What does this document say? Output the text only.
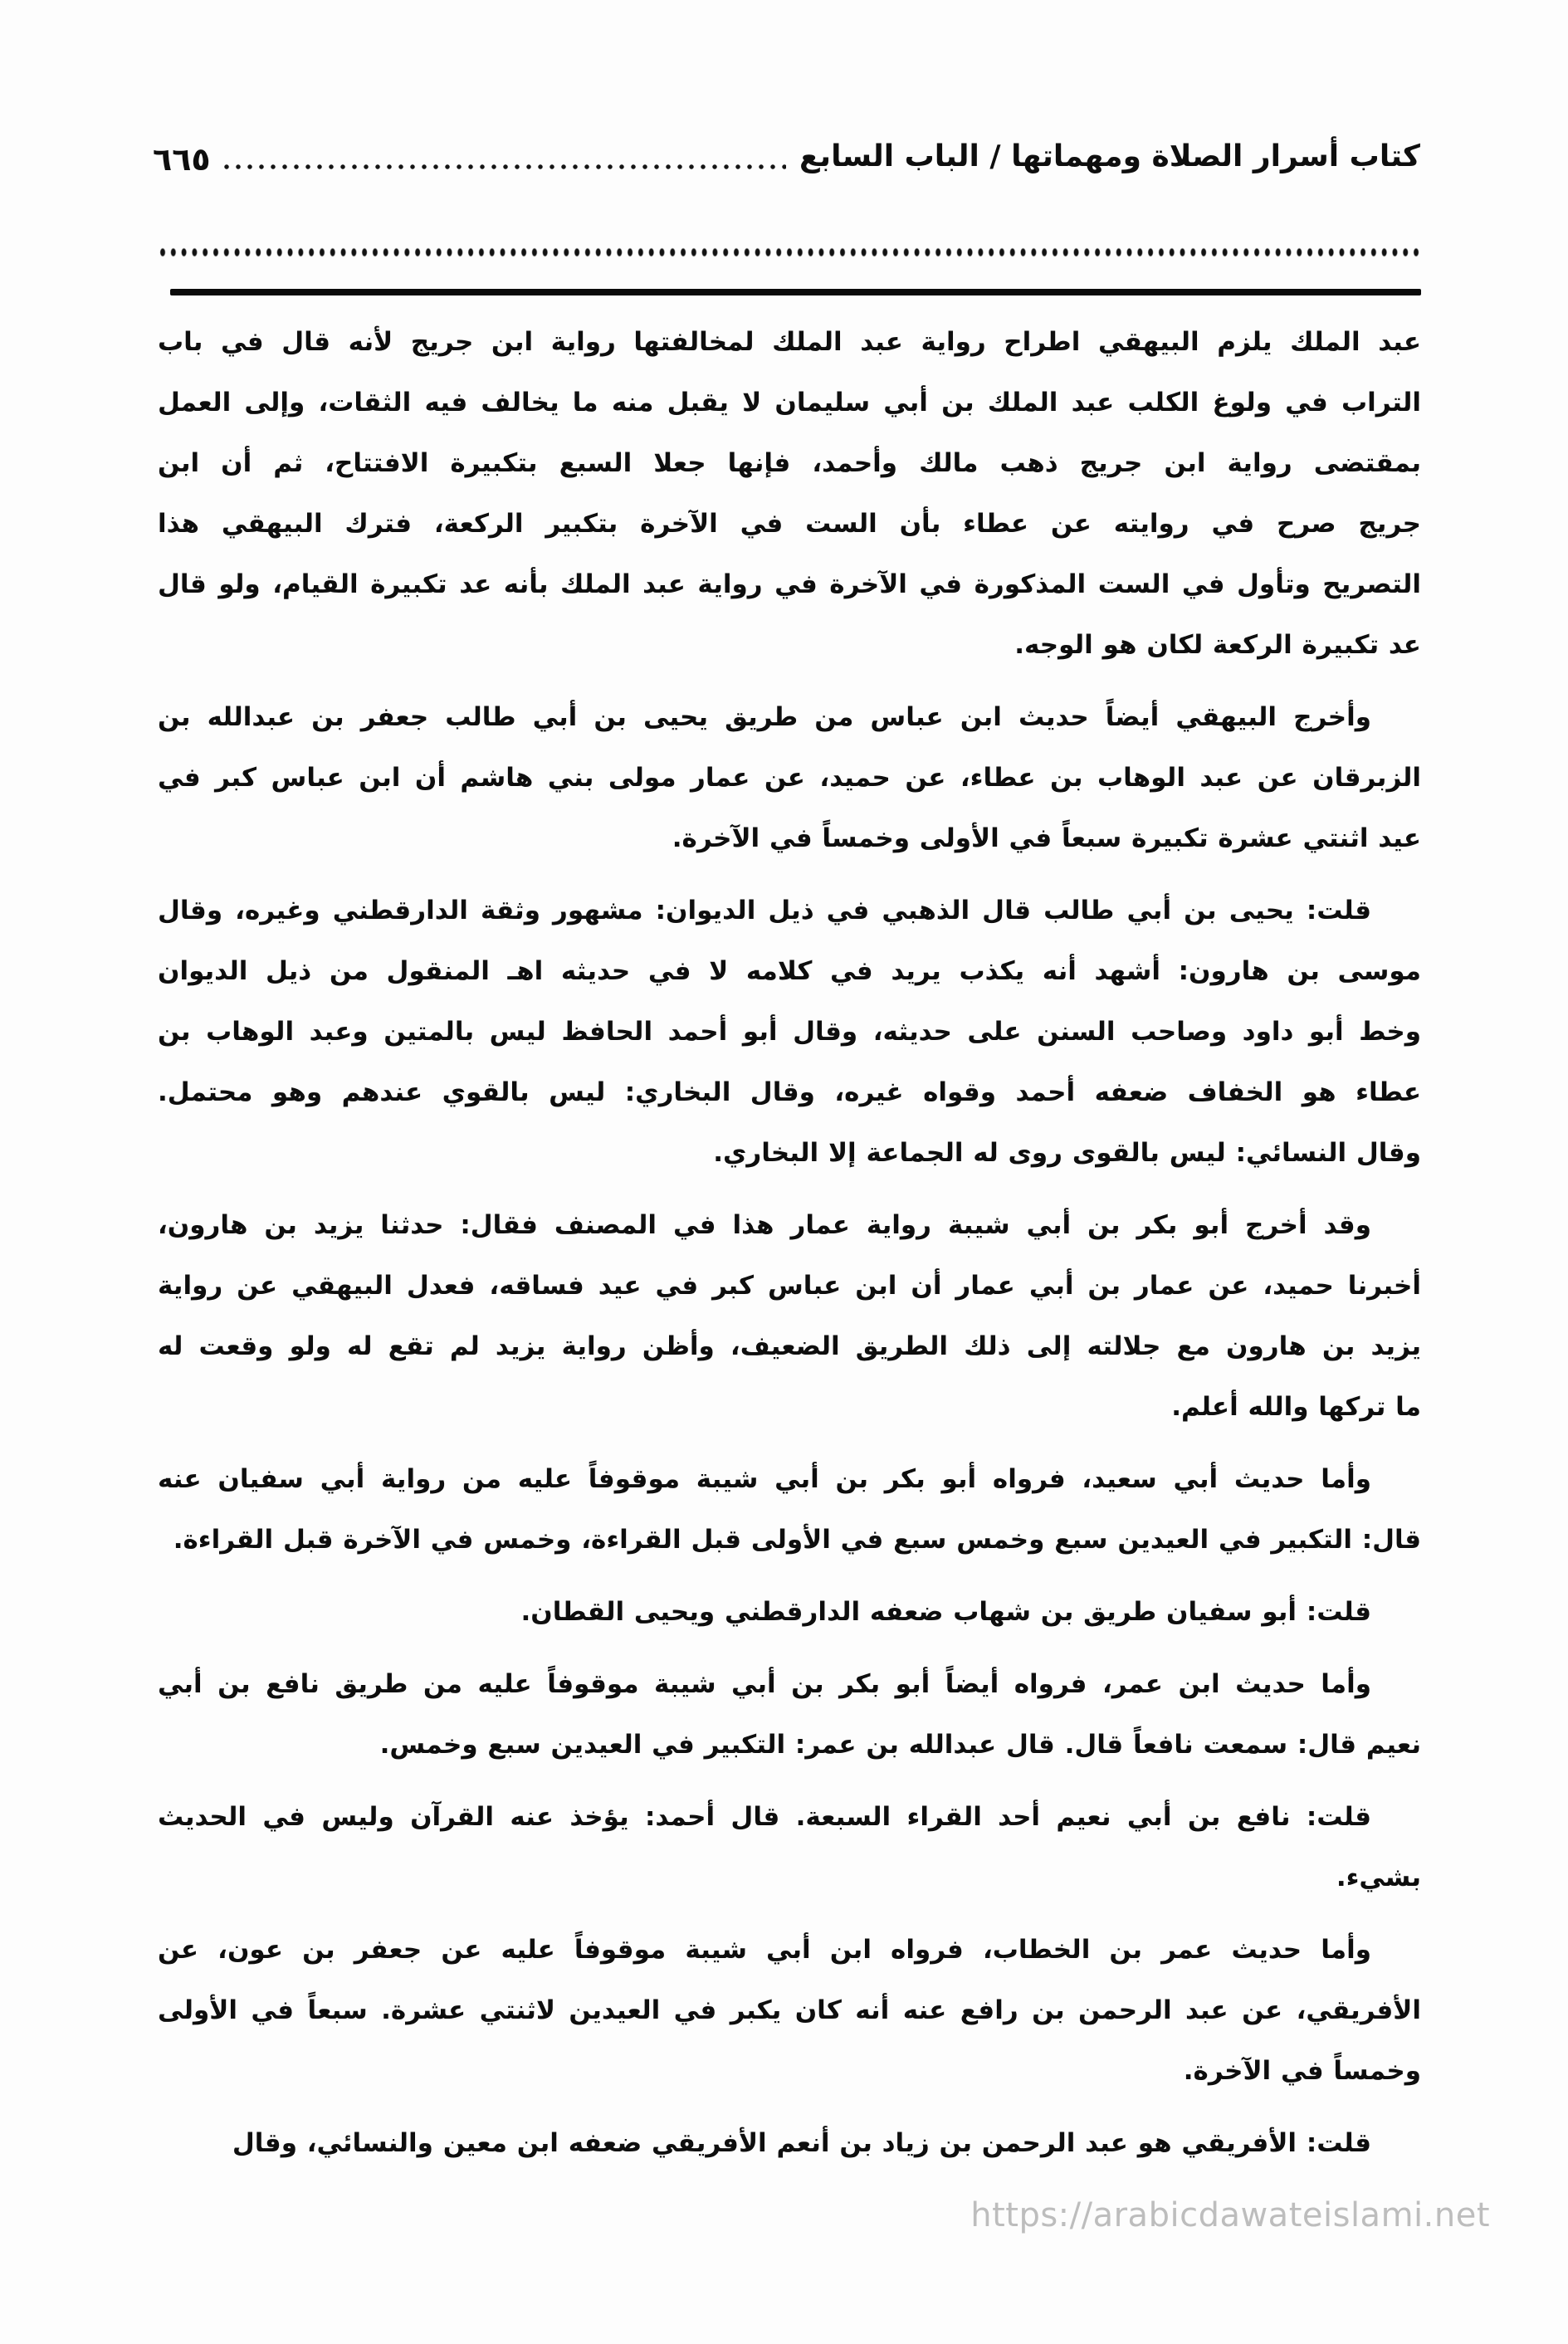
٦٦٥	كتاب أسرار الصلاة ومهماتها / الباب السابع
عبد الملك يلزم البيهقي اطراح رواية عبد الملك لمخالفتها رواية ابن جريج لأنه قال في باب
التراب في ولوغ الكلب عبد الملك بن أبي سليمان لا يقبل منه ما يخالف فيه الثقات، وإلى العمل
بمقتضى رواية ابن جريج ذهب مالك وأحمد، فإنها جعلا السبع بتكبيرة الافتتاح، ثم أن ابن
جريج صرح في روايته عن عطاء بأن الست في الآخرة بتكبير الركعة، فترك البيهقي هذا
التصريح وتأول في الست المذكورة في الآخرة في رواية عبد الملك بأنه عد تكبيرة القيام، ولو قال
عد تكبيرة الركعة لكان هو الوجه.
وأخرج البيهقي أيضاً حديث ابن عباس من طريق يحيى بن أبي طالب جعفر بن عبدالله بن
الزبرقان عن عبد الوهاب بن عطاء، عن حميد، عن عمار مولى بني هاشم أن ابن عباس كبر في
عيد اثنتي عشرة تكبيرة سبعاً في الأولى وخمساً في الآخرة.
قلت: يحيى بن أبي طالب قال الذهبي في ذيل الديوان: مشهور وثقة الدارقطني وغيره، وقال
موسى بن هارون: أشهد أنه يكذب يريد في كلامه لا في حديثه اهـ المنقول من ذيل الديوان
وخط أبو داود وصاحب السنن على حديثه، وقال أبو أحمد الحافظ ليس بالمتين وعبد الوهاب بن
عطاء هو الخفاف ضعفه أحمد وقواه غيره، وقال البخاري: ليس بالقوي عندهم وهو محتمل.
وقال النسائي: ليس بالقوى روى له الجماعة إلا البخاري.
وقد أخرج أبو بكر بن أبي شيبة رواية عمار هذا في المصنف فقال: حدثنا يزيد بن هارون،
أخبرنا حميد، عن عمار بن أبي عمار أن ابن عباس كبر في عيد فساقه، فعدل البيهقي عن رواية
يزيد بن هارون مع جلالته إلى ذلك الطريق الضعيف، وأظن رواية يزيد لم تقع له ولو وقعت له
ما تركها والله أعلم.
وأما حديث أبي سعيد، فرواه أبو بكر بن أبي شيبة موقوفاً عليه من رواية أبي سفيان عنه
قال: التكبير في العيدين سبع وخمس سبع في الأولى قبل القراءة، وخمس في الآخرة قبل القراءة.
قلت: أبو سفيان طريق بن شهاب ضعفه الدارقطني ويحيى القطان.
وأما حديث ابن عمر، فرواه أيضاً أبو بكر بن أبي شيبة موقوفاً عليه من طريق نافع بن أبي
نعيم قال: سمعت نافعاً قال. قال عبدالله بن عمر: التكبير في العيدين سبع وخمس.
قلت: نافع بن أبي نعيم أحد القراء السبعة. قال أحمد: يؤخذ عنه القرآن وليس في الحديث
بشيء.
وأما حديث عمر بن الخطاب، فرواه ابن أبي شيبة موقوفاً عليه عن جعفر بن عون، عن
الأفريقي، عن عبد الرحمن بن رافع عنه أنه كان يكبر في العيدين لاثنتي عشرة. سبعاً في الأولى
وخمساً في الآخرة.
قلت: الأفريقي هو عبد الرحمن بن زياد بن أنعم الأفريقي ضعفه ابن معين والنسائي، وقال
https://arabicdawateislami.net
